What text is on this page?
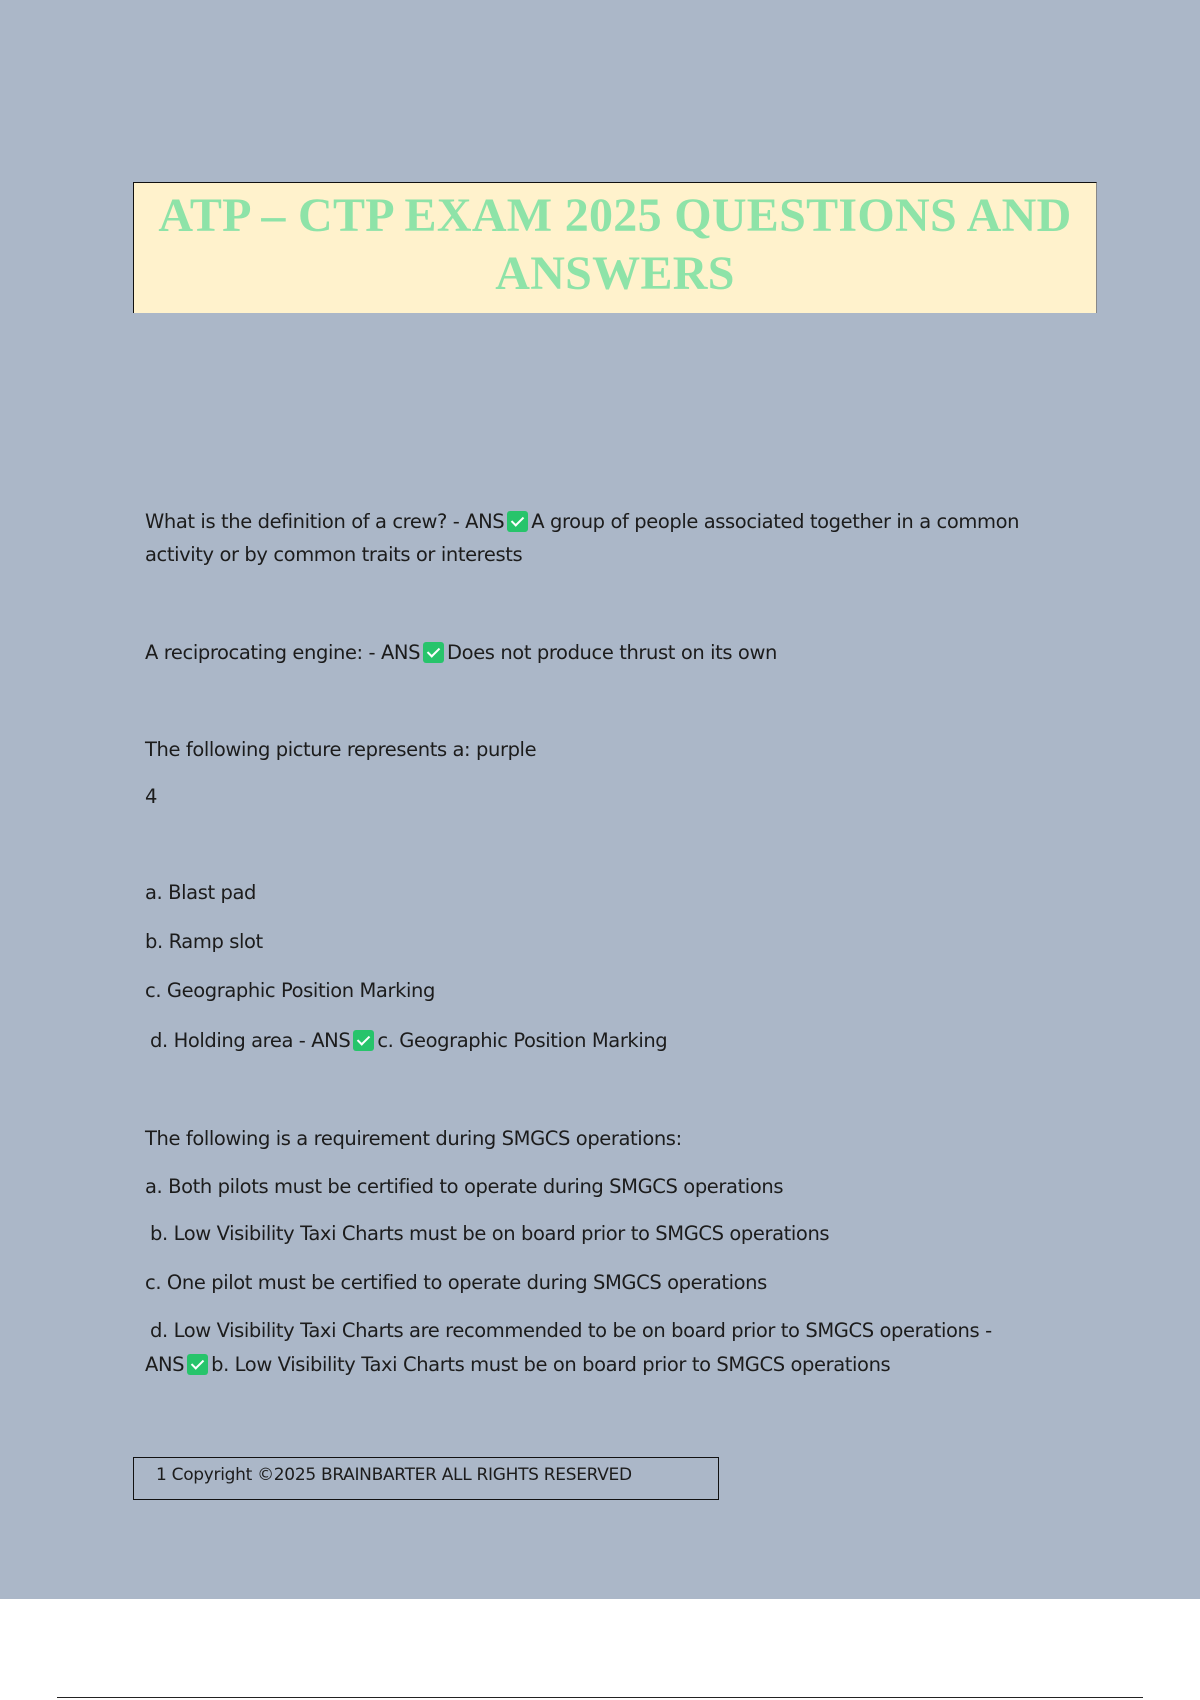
ATP – CTP EXAM 2025 QUESTIONS AND
ANSWERS
What is the definition of a crew? - ANS A group of people associated together in a common
activity or by common traits or interests
A reciprocating engine: - ANS Does not produce thrust on its own
The following picture represents a: purple
4
a. Blast pad
b. Ramp slot
c. Geographic Position Marking
d. Holding area - ANS c. Geographic Position Marking
The following is a requirement during SMGCS operations:
a. Both pilots must be certified to operate during SMGCS operations
b. Low Visibility Taxi Charts must be on board prior to SMGCS operations
c. One pilot must be certified to operate during SMGCS operations
d. Low Visibility Taxi Charts are recommended to be on board prior to SMGCS operations -
ANS b. Low Visibility Taxi Charts must be on board prior to SMGCS operations
1 Copyright ©2025 BRAINBARTER ALL RIGHTS RESERVED
